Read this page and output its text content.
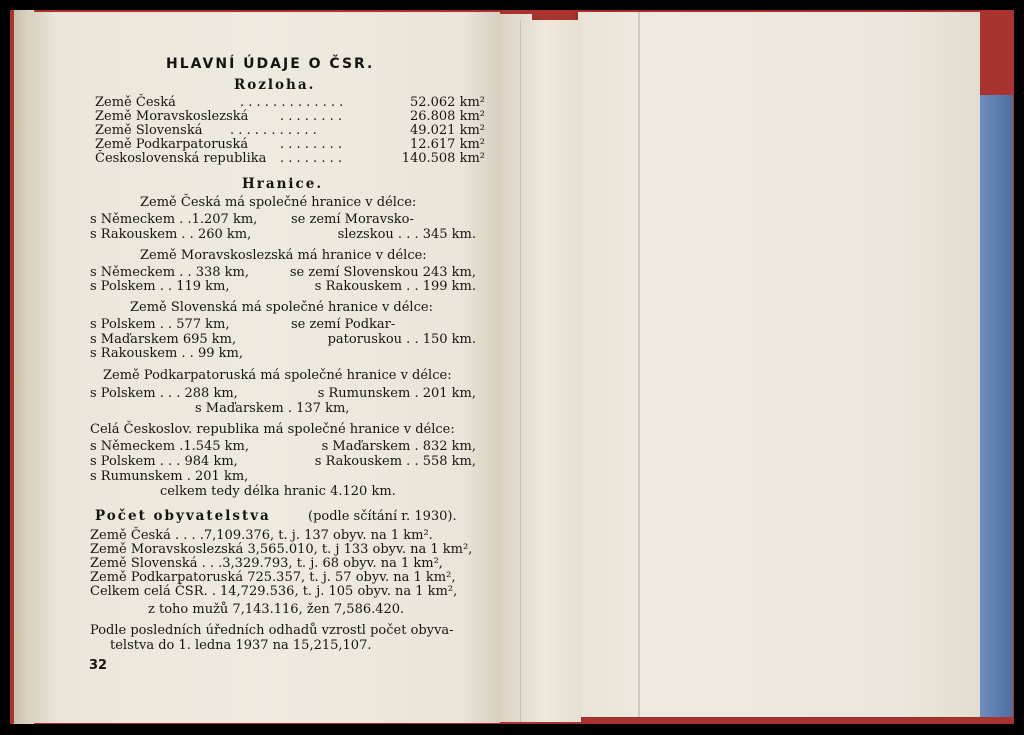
HLAVNÍ ÚDAJE O ČSR.
Rozloha.
Země Česká	. . . . . . . . . . . . .	52.062 km²
Země Moravskoslezská . . . . . . . .	26.808 km²
Země Slovenská . . . . . . . . . . .	49.021 km²
Země Podkarpatoruská . . . . . . . .	12.617 km²
Československá republika . . . . . . . .	140.508 km²
Hranice.
Země Česká má společné hranice v délce:
s Německem . .1.207 km,	se zemí Moravsko-
s Rakouskem . . 260 km,	slezskou . . . 345 km.
Země Moravskoslezská má hranice v délce:
s Německem . . 338 km,	se zemí Slovenskou 243 km,
s Polskem . . 119 km,	s Rakouskem . . 199 km.
Země Slovenská má společné hranice v délce:
s Polskem . . 577 km,	se zemí Podkar-
s Maďarskem 695 km,	patoruskou . . 150 km.
s Rakouskem . . 99 km,
Země Podkarpatoruská má společné hranice v délce:
s Polskem . . . 288 km,	s Rumunskem . 201 km,
s Maďarskem . 137 km,
Celá Českoslov. republika má společné hranice v délce:
s Německem .1.545 km,	s Maďarskem . 832 km,
s Polskem . . . 984 km,	s Rakouskem . . 558 km,
s Rumunskem . 201 km,
celkem tedy délka hranic 4.120 km.
Počet obyvatelstva	(podle sčítání r. 1930).
Země Česká . . . .7,109.376, t. j. 137 obyv. na 1 km².
Země Moravskoslezská 3,565.010, t. j 133 obyv. na 1 km²,
Země Slovenská . . .3,329.793, t. j. 68 obyv. na 1 km²,
Země Podkarpatoruská 725.357, t. j. 57 obyv. na 1 km²,
Celkem celá ČSR. . 14,729.536, t. j. 105 obyv. na 1 km²,
z toho mužů 7,143.116, žen 7,586.420.
Podle posledních úředních odhadů vzrostl počet obyva-
telstva do 1. ledna 1937 na 15,215,107.
32
